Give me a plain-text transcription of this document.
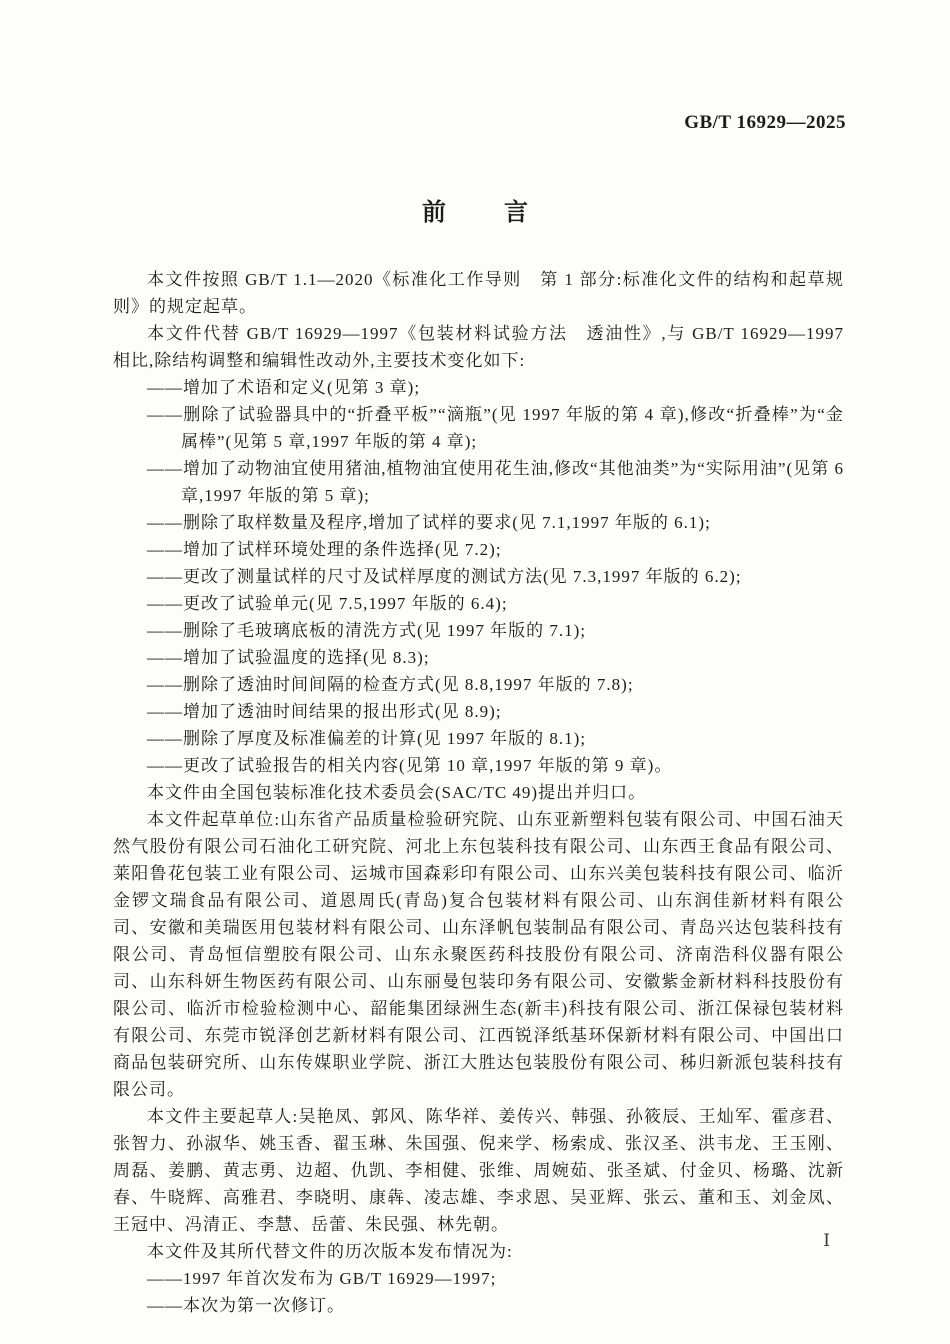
GB/T 16929—2025
前 言

本文件按照 GB/T 1.1—2020《标准化工作导则　第 1 部分:标准化文件的结构和起草规则》的规定起草。

本文件代替 GB/T 16929—1997《包装材料试验方法　透油性》,与 GB/T 16929—1997 相比,除结构调整和编辑性改动外,主要技术变化如下:

——增加了术语和定义(见第 3 章);
——删除了试验器具中的“折叠平板”“滴瓶”(见 1997 年版的第 4 章),修改“折叠棒”为“金属棒”(见第 5 章,1997 年版的第 4 章);
——增加了动物油宜使用猪油,植物油宜使用花生油,修改“其他油类”为“实际用油”(见第 6 章,1997 年版的第 5 章);
——删除了取样数量及程序,增加了试样的要求(见 7.1,1997 年版的 6.1);
——增加了试样环境处理的条件选择(见 7.2);
——更改了测量试样的尺寸及试样厚度的测试方法(见 7.3,1997 年版的 6.2);
——更改了试验单元(见 7.5,1997 年版的 6.4);
——删除了毛玻璃底板的清洗方式(见 1997 年版的 7.1);
——增加了试验温度的选择(见 8.3);
——删除了透油时间间隔的检查方式(见 8.8,1997 年版的 7.8);
——增加了透油时间结果的报出形式(见 8.9);
——删除了厚度及标准偏差的计算(见 1997 年版的 8.1);
——更改了试验报告的相关内容(见第 10 章,1997 年版的第 9 章)。

本文件由全国包装标准化技术委员会(SAC/TC 49)提出并归口。

本文件起草单位:山东省产品质量检验研究院、山东亚新塑料包装有限公司、中国石油天然气股份有限公司石油化工研究院、河北上东包装科技有限公司、山东西王食品有限公司、莱阳鲁花包装工业有限公司、运城市国森彩印有限公司、山东兴美包装科技有限公司、临沂金锣文瑞食品有限公司、道恩周氏(青岛)复合包装材料有限公司、山东润佳新材料有限公司、安徽和美瑞医用包装材料有限公司、山东泽帆包装制品有限公司、青岛兴达包装科技有限公司、青岛恒信塑胶有限公司、山东永聚医药科技股份有限公司、济南浩科仪器有限公司、山东科妍生物医药有限公司、山东丽曼包装印务有限公司、安徽紫金新材料科技股份有限公司、临沂市检验检测中心、韶能集团绿洲生态(新丰)科技有限公司、浙江保禄包装材料有限公司、东莞市锐泽创艺新材料有限公司、江西锐泽纸基环保新材料有限公司、中国出口商品包装研究所、山东传媒职业学院、浙江大胜达包装股份有限公司、秭归新派包装科技有限公司。

本文件主要起草人:吴艳凤、郭风、陈华祥、姜传兴、韩强、孙筱辰、王灿军、霍彦君、张智力、孙淑华、姚玉香、翟玉琳、朱国强、倪来学、杨索成、张汉圣、洪韦龙、王玉刚、周磊、姜鹏、黄志勇、边超、仇凯、李相健、张维、周婉茹、张圣斌、付金贝、杨璐、沈新春、牛晓辉、高雅君、李晓明、康犇、凌志雄、李求恩、吴亚辉、张云、董和玉、刘金凤、王冠中、冯清正、李慧、岳蕾、朱民强、林先朝。

本文件及其所代替文件的历次版本发布情况为:

——1997 年首次发布为 GB/T 16929—1997;
——本次为第一次修订。
Ⅰ
